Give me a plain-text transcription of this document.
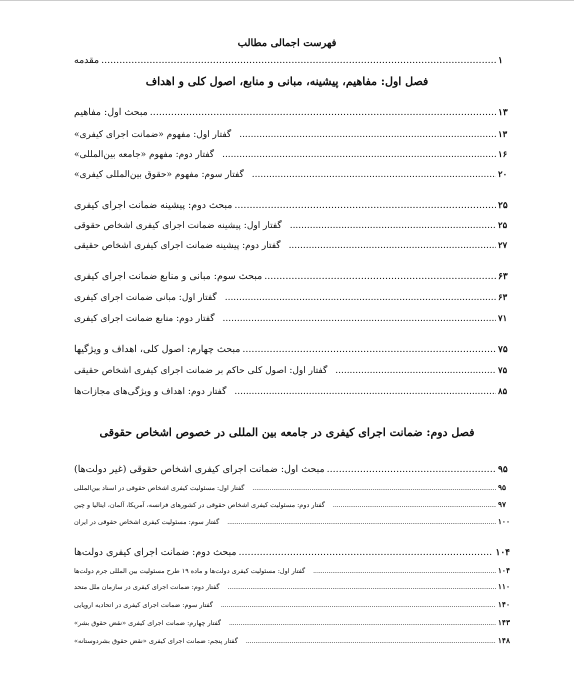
فهرست اجمالی مطالب
مقدمه .....	۱
فصل اول: مفاهیم، پیشینه، مبانی و منابع، اصول کلی و اهداف
مبحث اول: مفاهیم .....	۱۳
گفتار اول: مفهوم «ضمانت اجرای کیفری» .....	۱۳
گفتار دوم: مفهوم «جامعه بین‌المللی» .....	۱۶
گفتار سوم: مفهوم «حقوق بین‌المللی کیفری» .....	۲۰
مبحث دوم: پیشینه ضمانت اجرای کیفری .....	۲۵
گفتار اول: پیشینه ضمانت اجرای کیفری اشخاص حقوقی .....	۲۵
گفتار دوم: پیشینه ضمانت اجرای کیفری اشخاص حقیقی .....	۲۷
مبحث سوم: مبانی و منابع ضمانت اجرای کیفری .....	۶۳
گفتار اول: مبانی ضمانت اجرای کیفری .....	۶۳
گفتار دوم: منابع ضمانت اجرای کیفری .....	۷۱
مبحث چهارم: اصول کلی، اهداف و ویژگیها .....	۷۵
گفتار اول: اصول کلی حاکم بر ضمانت اجرای کیفری اشخاص حقیقی .....	۷۵
گفتار دوم: اهداف و ویژگی‌های مجازات‌ها .....	۸۵
فصل دوم: ضمانت اجرای کیفری در جامعه بین المللی در خصوص اشخاص حقوقی
مبحث اول: ضمانت اجرای کیفری اشخاص حقوقی (غیر دولت‌ها) .....	۹۵
گفتار اول: مسئولیت کیفری اشخاص حقوقی در اسناد بین‌المللی .....	۹۵
گفتار دوم: مسئولیت کیفری اشخاص حقوقی در کشورهای فرانسه، آمریکا، آلمان، ایتالیا و چین .....	۹۷
گفتار سوم: مسئولیت کیفری اشخاص حقوقی در ایران .....	۱۰۰
مبحث دوم: ضمانت اجرای کیفری دولت‌ها .....	۱۰۴
گفتار اول: مسئولیت کیفری دولت‌ها و ماده ۱۹ طرح مسئولیت بین المللی جرم دولت‌ها .....	۱۰۴
گفتار دوم: ضمانت اجرای کیفری در سازمان ملل متحد .....	۱۱۰
گفتار سوم: ضمانت اجرای کیفری در اتحادیه اروپایی .....	۱۴۰
گفتار چهارم: ضمانت اجرای کیفری «نقض حقوق بشر» .....	۱۴۳
گفتار پنجم: ضمانت اجرای کیفری «نقض حقوق بشردوستانه» .....	۱۴۸
